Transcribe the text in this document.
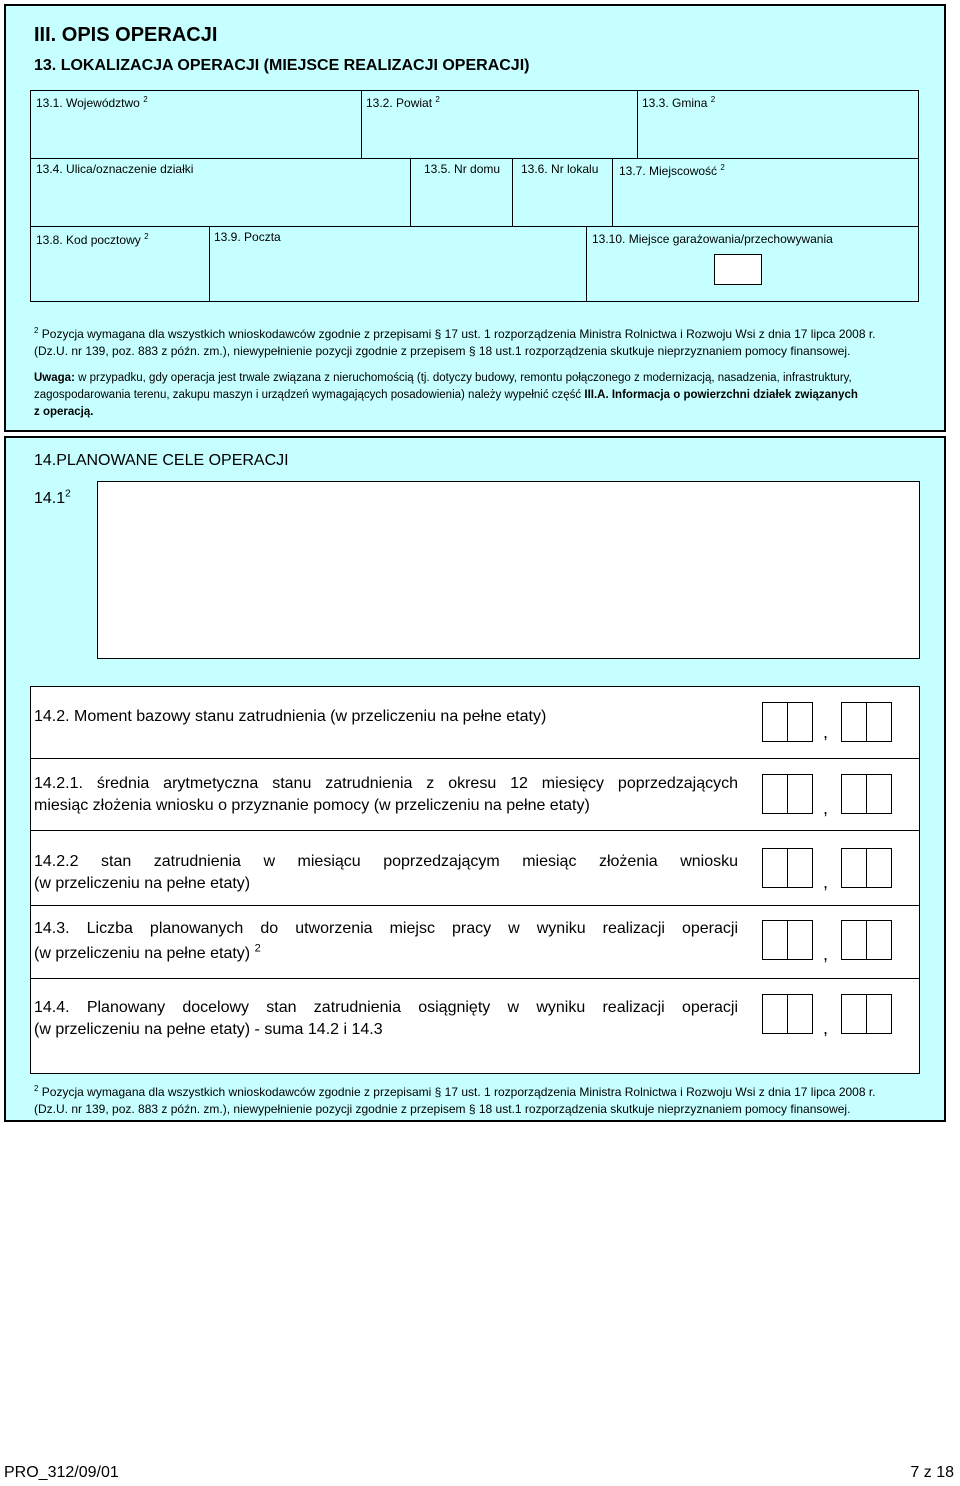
III. OPIS OPERACJI
13. LOKALIZACJA OPERACJI (MIEJSCE REALIZACJI OPERACJI)
13.1. Województwo $^2$	13.2. Powiat $^2$	13.3. Gmina $^2$
13.4. Ulica/oznaczenie działki	13.5. Nr domu 13.6. Nr lokalu 13.7. Miejscowość $^2$
13.8. Kod pocztowy $^2$	13.9. Poczta	13.10. Miejsce garażowania/przechowywania
$^2$ Pozycja wymagana dla wszystkich wnioskodawców zgodnie z przepisami § 17 ust. 1 rozporządzenia Ministra Rolnictwa i Rozwoju Wsi z dnia 17 lipca 2008 r.
(Dz.U. nr 139, poz. 883 z późn. zm.), niewypełnienie pozycji zgodnie z przepisem § 18 ust.1 rozporządzenia skutkuje nieprzyznaniem pomocy finansowej.
Uwaga: w przypadku, gdy operacja jest trwale związana z nieruchomością (tj. dotyczy budowy, remontu połączonego z modernizacją, nasadzenia, infrastruktury,
zagospodarowania terenu, zakupu maszyn i urządzeń wymagających posadowienia) należy wypełnić część III.A. Informacja o powierzchni działek związanych
z operacją.
14.PLANOWANE CELE OPERACJI
14.1$^2$
14.2. Moment bazowy stanu zatrudnienia (w przeliczeniu na pełne etaty)
,
14.2.1. średnia arytmetyczna stanu zatrudnienia z okresu 12 miesięcy poprzedzających
miesiąc złożenia wniosku o przyznanie pomocy (w przeliczeniu na pełne etaty)	,
14.2.2 stan zatrudnienia w miesiącu poprzedzającym miesiąc złożenia wniosku
(w przeliczeniu na pełne etaty)	,
14.3. Liczba planowanych do utworzenia miejsc pracy w wyniku realizacji operacji
(w przeliczeniu na pełne etaty) $^2$	,
14.4. Planowany docelowy stan zatrudnienia osiągnięty w wyniku realizacji operacji
(w przeliczeniu na pełne etaty) - suma 14.2 i 14.3	,
$^2$ Pozycja wymagana dla wszystkich wnioskodawców zgodnie z przepisami § 17 ust. 1 rozporządzenia Ministra Rolnictwa i Rozwoju Wsi z dnia 17 lipca 2008 r.
(Dz.U. nr 139, poz. 883 z późn. zm.), niewypełnienie pozycji zgodnie z przepisem § 18 ust.1 rozporządzenia skutkuje nieprzyznaniem pomocy finansowej.
PRO_312/09/01	7 z 18
